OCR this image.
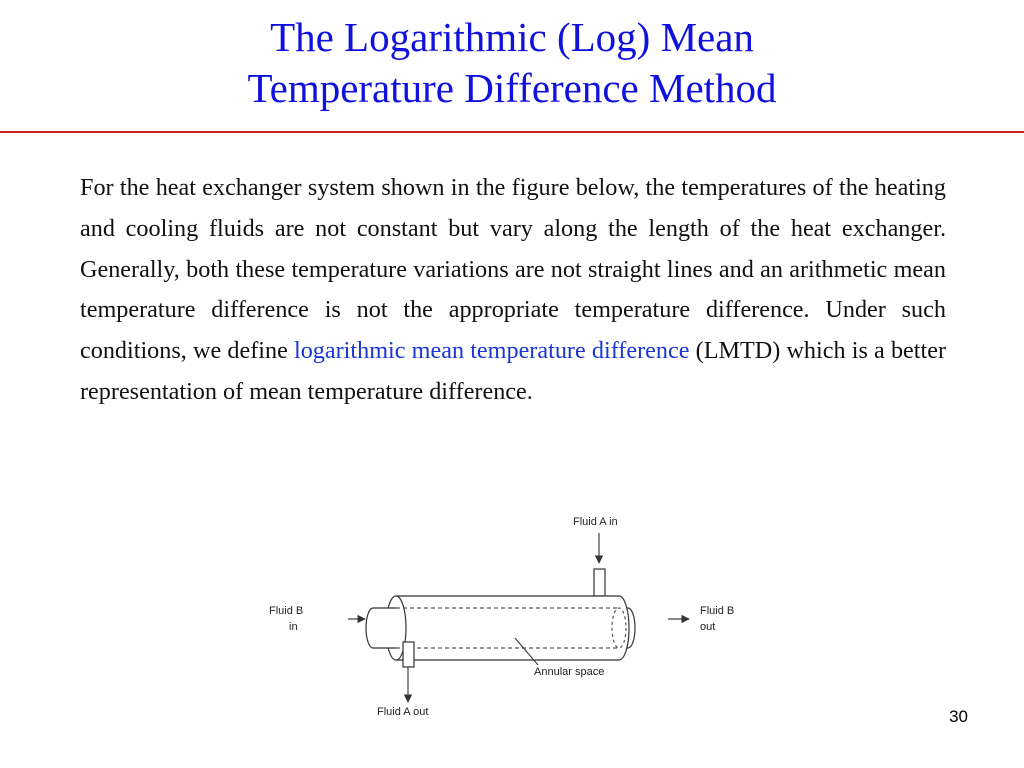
The Logarithmic (Log) Mean
Temperature Difference Method

For the heat exchanger system shown in the figure below, the temperatures of the heating and cooling fluids are not constant but vary along the length of the heat exchanger. Generally, both these temperature variations are not straight lines and an arithmetic mean temperature difference is not the appropriate temperature difference. Under such conditions, we define logarithmic mean temperature difference (LMTD) which is a better representation of mean temperature difference.

Fluid A in
Fluid B
in
Fluid B
out
Annular space
Fluid A out	30
